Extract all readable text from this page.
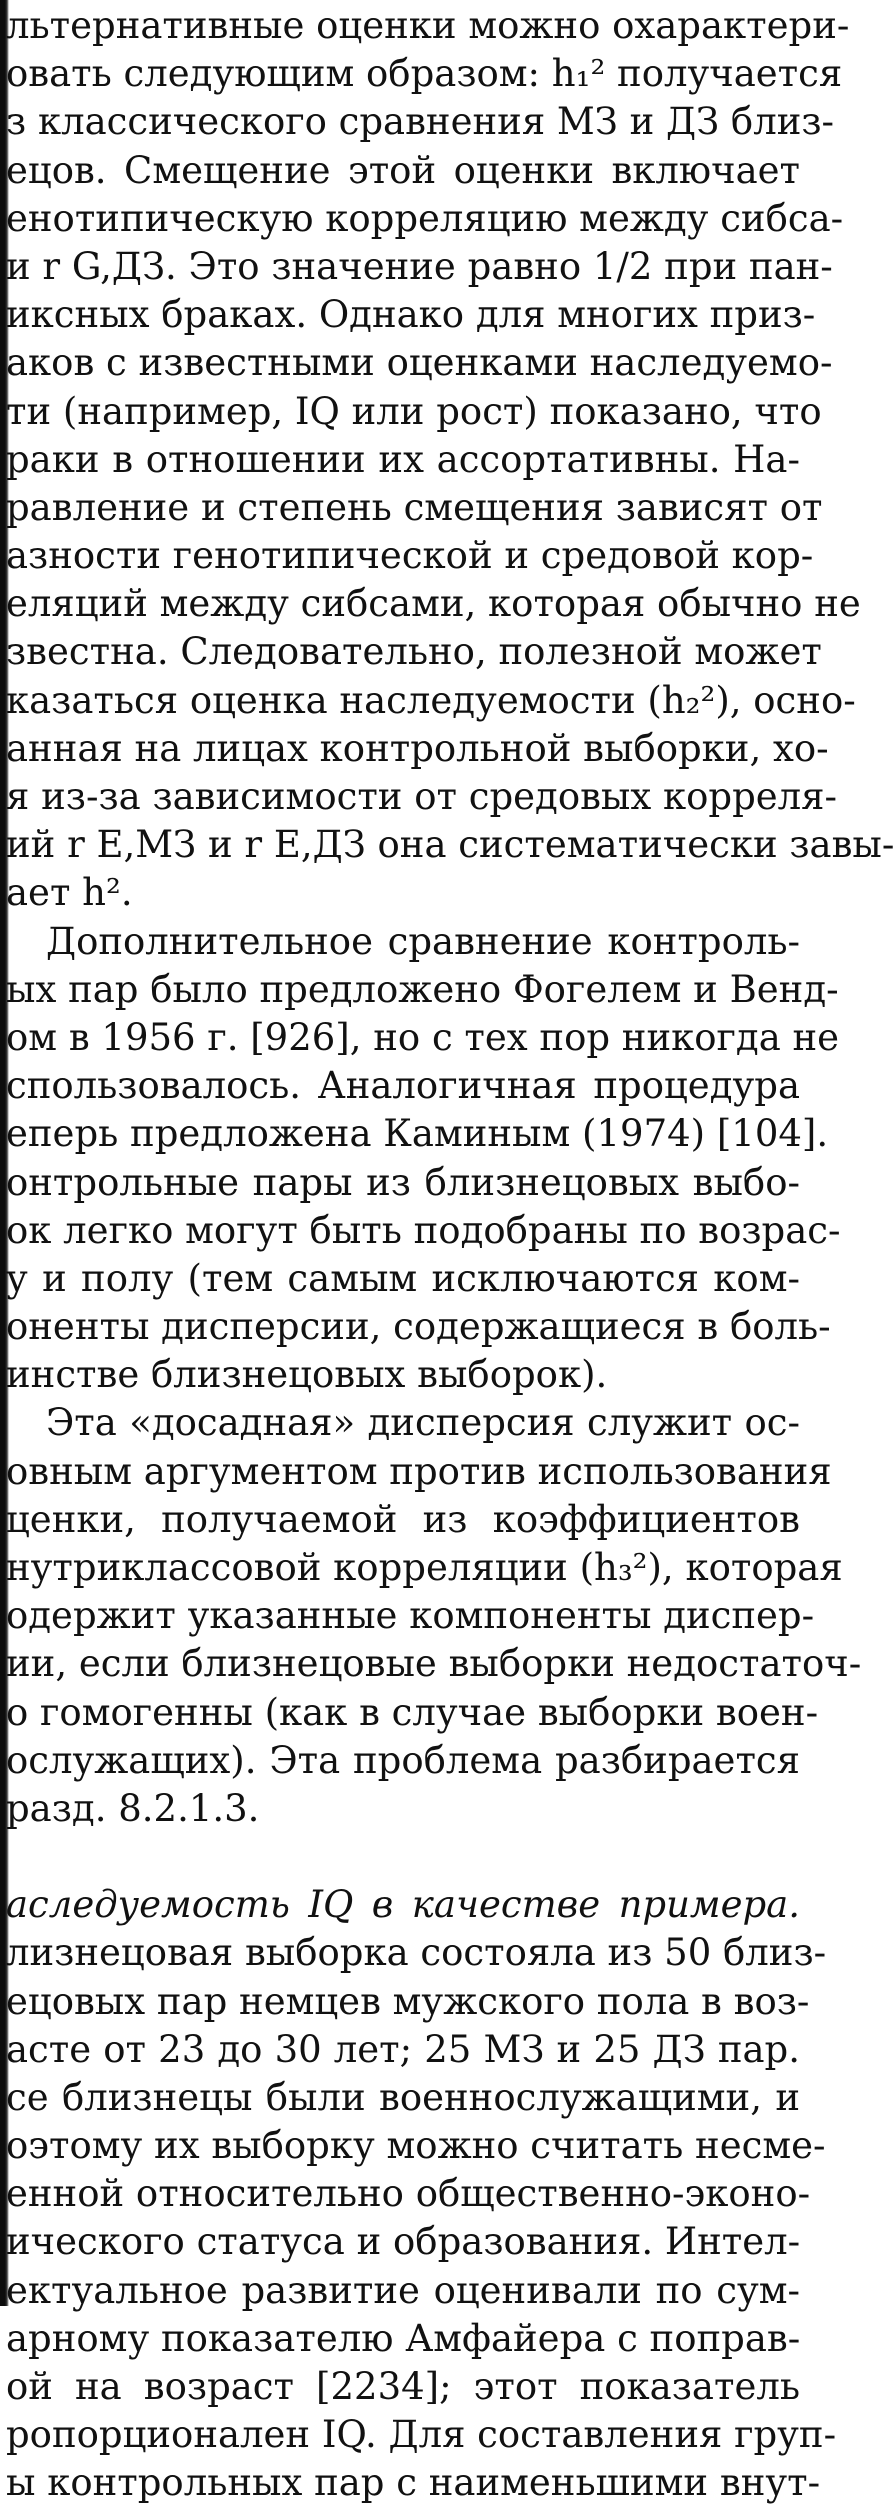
льтернативные оценки можно охарактери-
овать следующим образом: h₁² получается
з классического сравнения МЗ и ДЗ близ-
ецов. Смещение этой оценки включает
енотипическую корреляцию между сибса-
и r G,ДЗ. Это значение равно 1/2 при пан-
иксных браках. Однако для многих приз-
аков с известными оценками наследуемо-
ти (например, IQ или рост) показано, что
раки в отношении их ассортативны. На-
равление и степень смещения зависят от
азности генотипической и средовой кор-
еляций между сибсами, которая обычно не
звестна. Следовательно, полезной может
казаться оценка наследуемости (h₂²), осно-
анная на лицах контрольной выборки, хо-
я из-за зависимости от средовых корреля-
ий r E,МЗ и r E,ДЗ она систематически завы-
ает h².
Дополнительное сравнение контроль-
ых пар было предложено Фогелем и Венд-
ом в 1956 г. [926], но с тех пор никогда не
спользовалось. Аналогичная процедура
еперь предложена Каминым (1974) [104].
онтрольные пары из близнецовых выбо-
ок легко могут быть подобраны по возрас-
у и полу (тем самым исключаются ком-
оненты дисперсии, содержащиеся в боль-
инстве близнецовых выборок).
Эта «досадная» дисперсия служит ос-
овным аргументом против использования
ценки, получаемой из коэффициентов
нутриклассовой корреляции (h₃²), которая
одержит указанные компоненты диспер-
ии, если близнецовые выборки недостаточ-
о гомогенны (как в случае выборки воен-
ослужащих). Эта проблема разбирается
разд. 8.2.1.3.
аследуемость IQ в качестве примера.
лизнецовая выборка состояла из 50 близ-
ецовых пар немцев мужского пола в воз-
асте от 23 до 30 лет; 25 МЗ и 25 ДЗ пар.
се близнецы были военнослужащими, и
оэтому их выборку можно считать несме-
енной относительно общественно-эконо-
ического статуса и образования. Интел-
ектуальное развитие оценивали по сум-
арному показателю Амфайера с поправ-
ой на возраст [2234]; этот показатель
ропорционален IQ. Для составления груп-
ы контрольных пар с наименьшими внут-
